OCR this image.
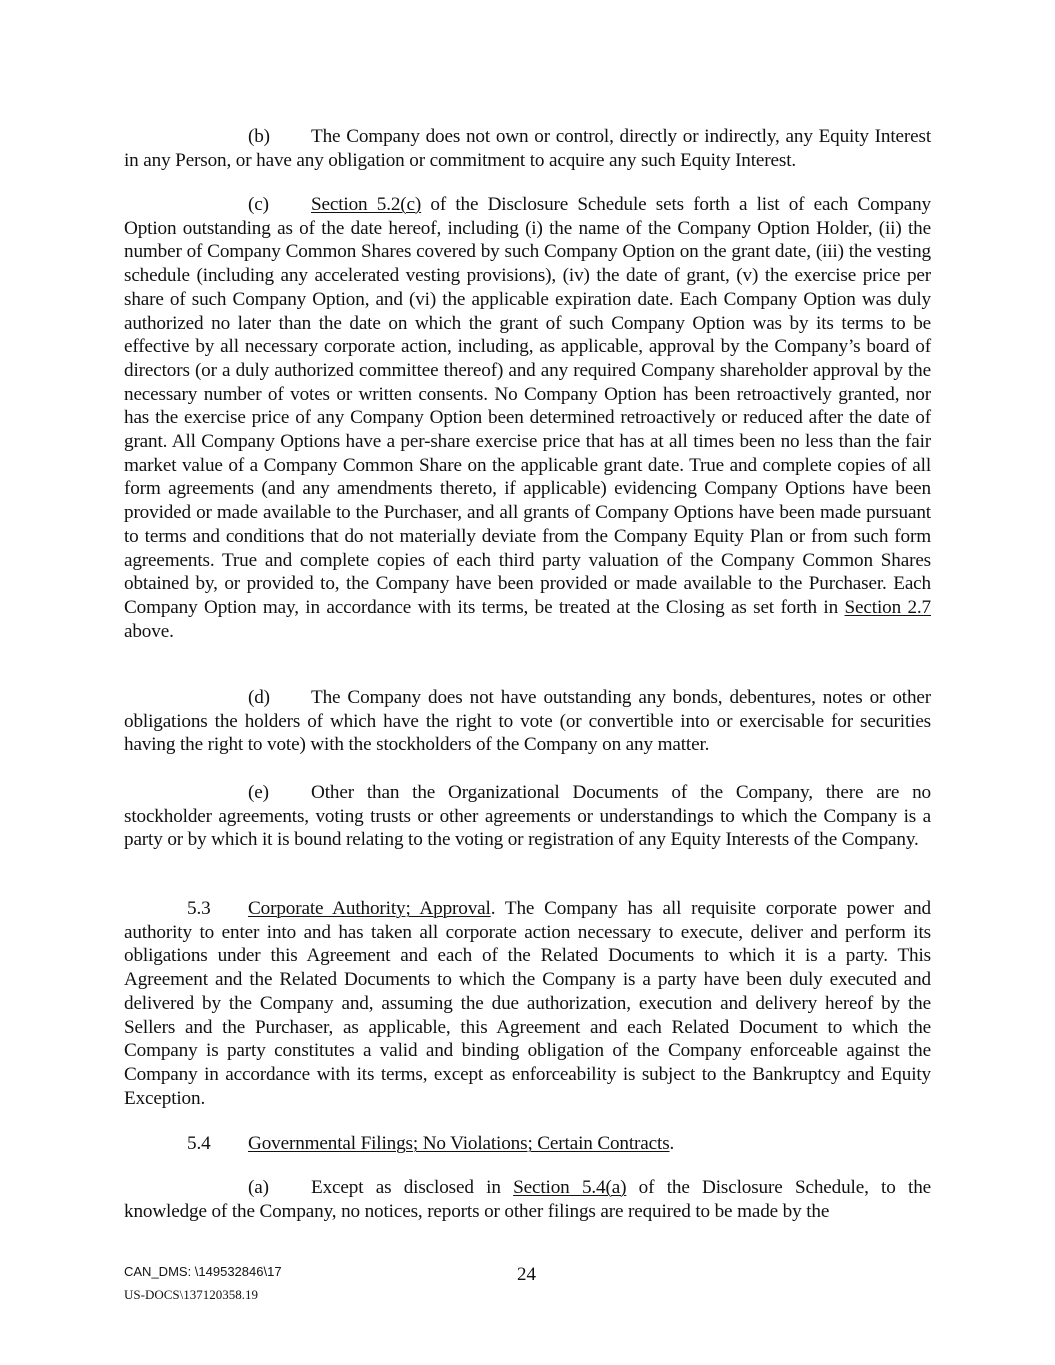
(b) The Company does not own or control, directly or indirectly, any Equity Interest in any Person, or have any obligation or commitment to acquire any such Equity Interest.

(c) Section 5.2(c) of the Disclosure Schedule sets forth a list of each Company Option outstanding as of the date hereof, including (i) the name of the Company Option Holder, (ii) the number of Company Common Shares covered by such Company Option on the grant date, (iii) the vesting schedule (including any accelerated vesting provisions), (iv) the date of grant, (v) the exercise price per share of such Company Option, and (vi) the applicable expiration date. Each Company Option was duly authorized no later than the date on which the grant of such Company Option was by its terms to be effective by all necessary corporate action, including, as applicable, approval by the Company’s board of directors (or a duly authorized committee thereof) and any required Company shareholder approval by the necessary number of votes or written consents. No Company Option has been retroactively granted, nor has the exercise price of any Company Option been determined retroactively or reduced after the date of grant. All Company Options have a per-share exercise price that has at all times been no less than the fair market value of a Company Common Share on the applicable grant date. True and complete copies of all form agreements (and any amendments thereto, if applicable) evidencing Company Options have been provided or made available to the Purchaser, and all grants of Company Options have been made pursuant to terms and conditions that do not materially deviate from the Company Equity Plan or from such form agreements. True and complete copies of each third party valuation of the Company Common Shares obtained by, or provided to, the Company have been provided or made available to the Purchaser. Each Company Option may, in accordance with its terms, be treated at the Closing as set forth in Section 2.7 above.

(d) The Company does not have outstanding any bonds, debentures, notes or other obligations the holders of which have the right to vote (or convertible into or exercisable for securities having the right to vote) with the stockholders of the Company on any matter.

(e) Other than the Organizational Documents of the Company, there are no stockholder agreements, voting trusts or other agreements or understandings to which the Company is a party or by which it is bound relating to the voting or registration of any Equity Interests of the Company.

5.3 Corporate Authority; Approval. The Company has all requisite corporate power and authority to enter into and has taken all corporate action necessary to execute, deliver and perform its obligations under this Agreement and each of the Related Documents to which it is a party. This Agreement and the Related Documents to which the Company is a party have been duly executed and delivered by the Company and, assuming the due authorization, execution and delivery hereof by the Sellers and the Purchaser, as applicable, this Agreement and each Related Document to which the Company is party constitutes a valid and binding obligation of the Company enforceable against the Company in accordance with its terms, except as enforceability is subject to the Bankruptcy and Equity Exception.

5.4 Governmental Filings; No Violations; Certain Contracts.

(a) Except as disclosed in Section 5.4(a) of the Disclosure Schedule, to the knowledge of the Company, no notices, reports or other filings are required to be made by the

CAN_DMS: \149532846\17
US-DOCS\137120358.19
24
